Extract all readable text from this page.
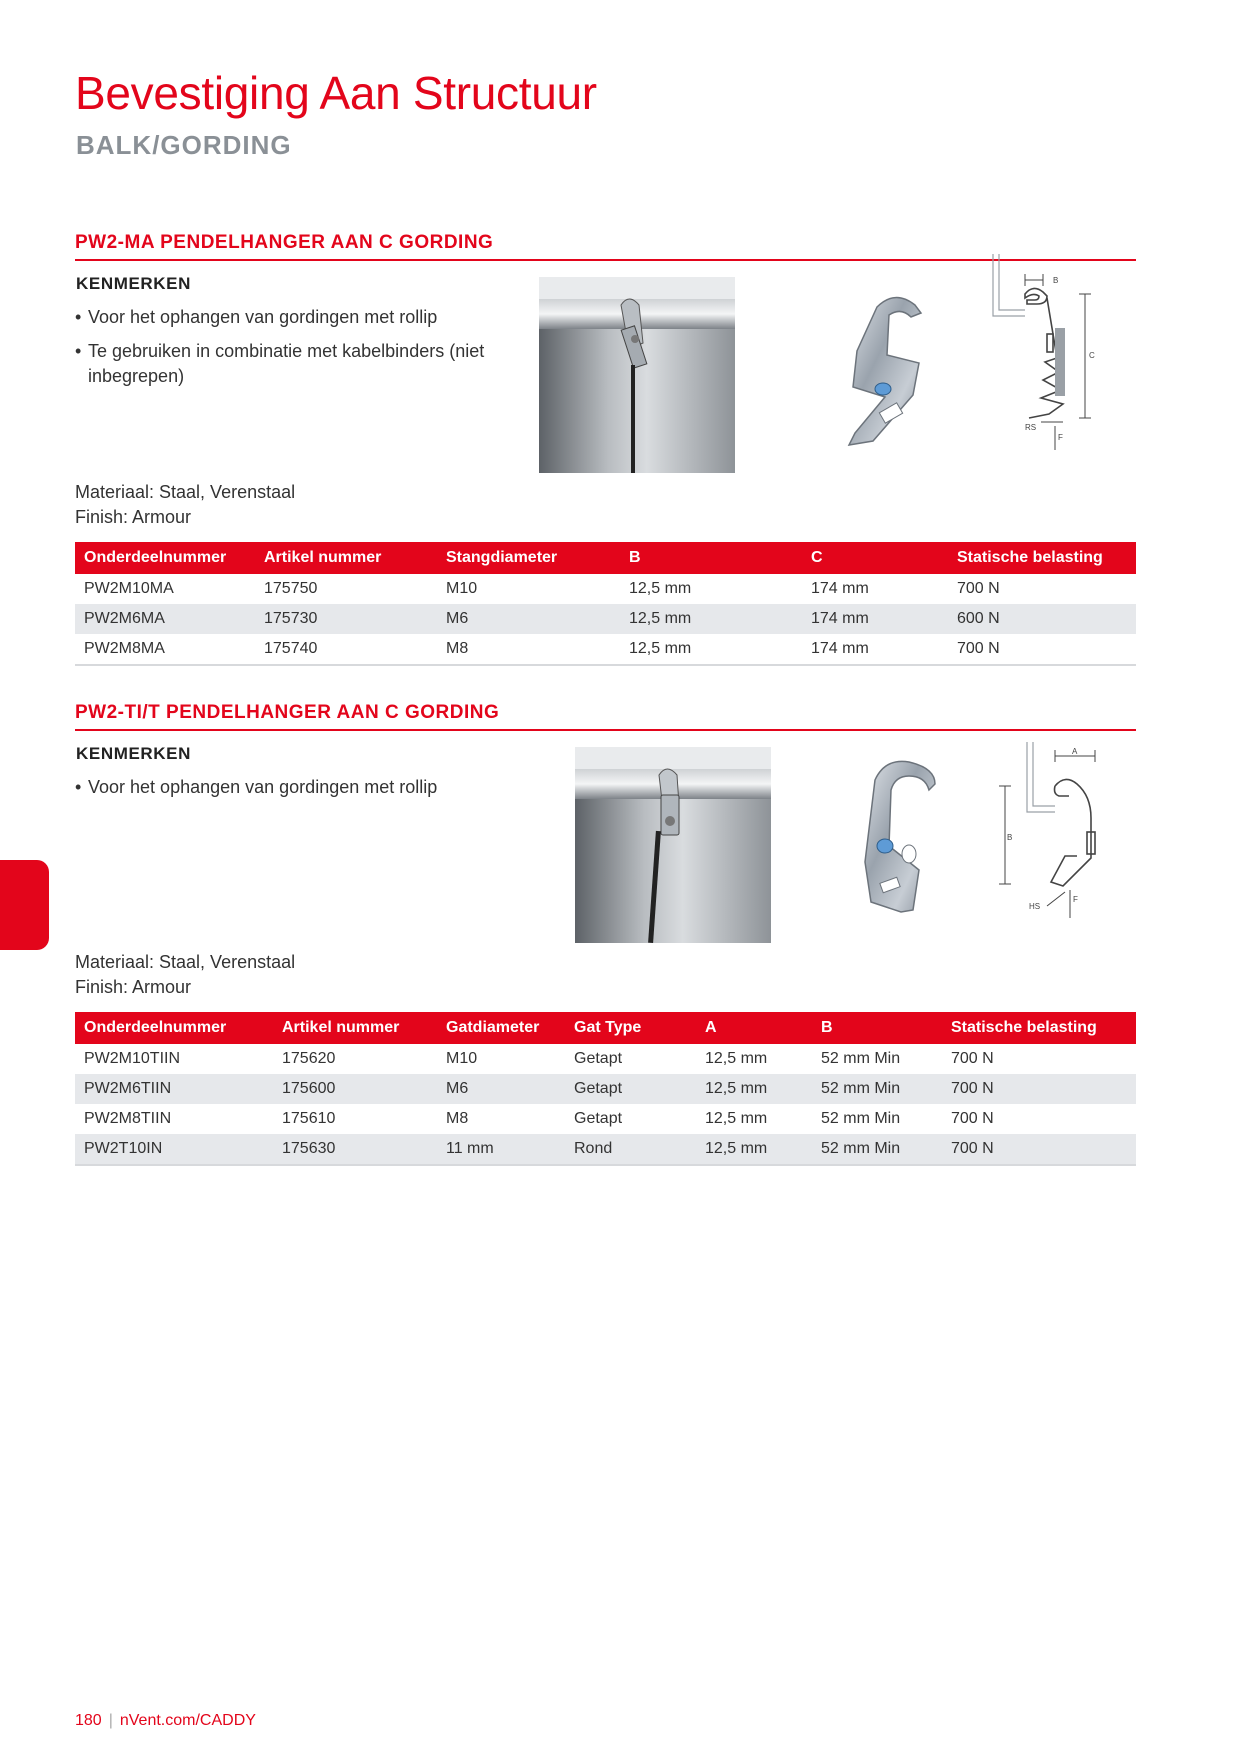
Bevestiging Aan Structuur
BALK/GORDING
PW2-MA PENDELHANGER AAN C GORDING
KENMERKEN
• Voor het ophangen van gordingen met rollip
• Te gebruiken in combinatie met kabelbinders (niet inbegrepen)
B
C
RS
F
Materiaal: Staal, Verenstaal
Finish: Armour
Onderdeelnummer	Artikel nummer	Stangdiameter	B	C	Statische belasting
PW2M10MA	175750	M10	12,5 mm	174 mm	700 N
PW2M6MA	175730	M6	12,5 mm	174 mm	600 N
PW2M8MA	175740	M8	12,5 mm	174 mm	700 N
PW2-TI/T PENDELHANGER AAN C GORDING
KENMERKEN
• Voor het ophangen van gordingen met rollip
A
B
HS
F
Materiaal: Staal, Verenstaal
Finish: Armour
Onderdeelnummer	Artikel nummer	Gatdiameter	Gat Type	A	B	Statische belasting
PW2M10TIIN	175620	M10	Getapt	12,5 mm	52 mm Min	700 N
PW2M6TIIN	175600	M6	Getapt	12,5 mm	52 mm Min	700 N
PW2M8TIIN	175610	M8	Getapt	12,5 mm	52 mm Min	700 N
PW2T10IN	175630	11 mm	Rond	12,5 mm	52 mm Min	700 N
180 | nVent.com/CADDY
